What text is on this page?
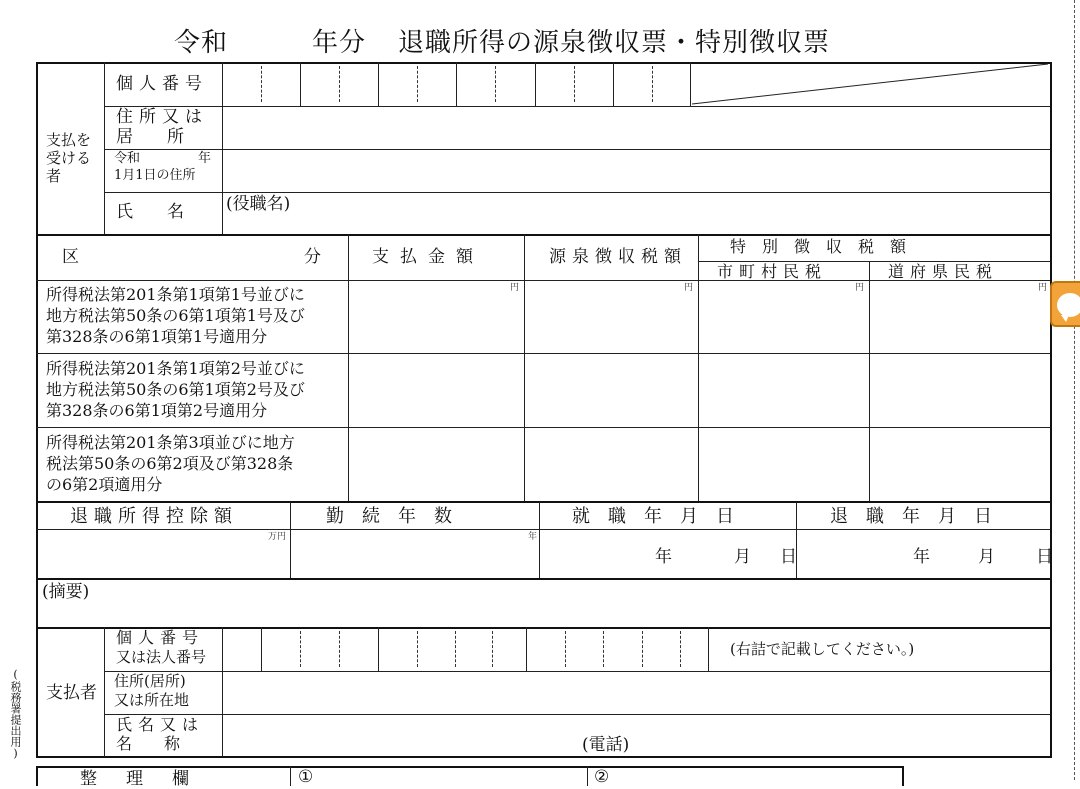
令和	年分 退職所得の源泉徴収票・特別徴収票
支払を受ける者
個人番号
住所又は
居　　所
令和	年
1月1日の住所
氏　　名 (役職名)
区	分	支払金額	源泉徴収税額
特　別　徴　収　税　額
市町村民税	道府県民税
所得税法第201条第1項第1号並びに
地方税法第50条の6第1項第1号及び
第328条の6第1項第1号適用分
円	円	円	円
所得税法第201条第1項第2号並びに
地方税法第50条の6第1項第2号及び
第328条の6第1項第2号適用分
所得税法第201条第3項並びに地方
税法第50条の6第2項及び第328条
の6第2項適用分
退職所得控除額	勤　続　年　数	就　職　年　月　日	退　職　年　月　日
万円	年
年	月 日	年	月 日
(摘要)
支払者
個人番号
又は法人番号	(右詰で記載してください。)
住所(居所)
又は所在地
氏名又は
名　　称	(電話)
(税務署提出用)
整　理　欄	①	②
